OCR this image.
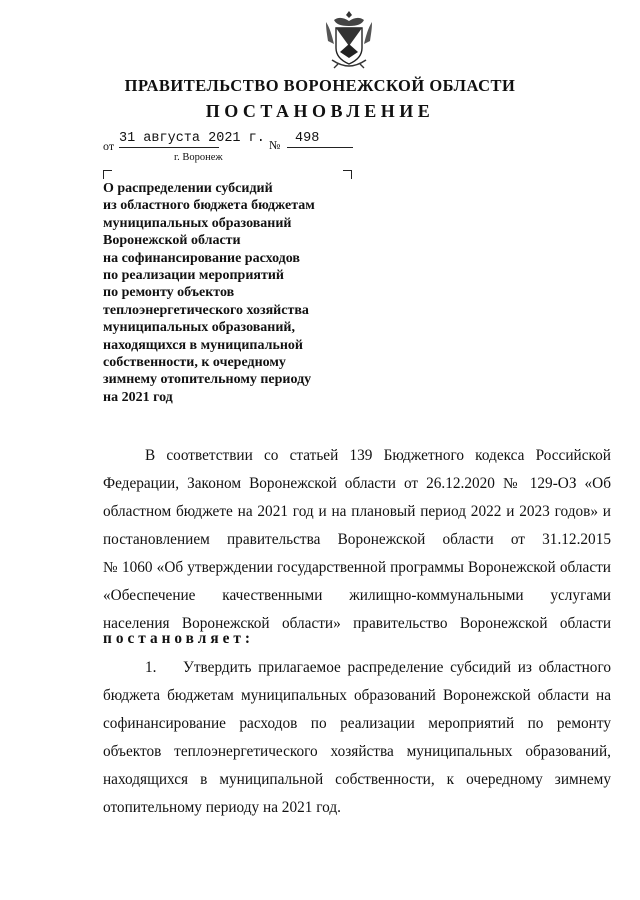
ПРАВИТЕЛЬСТВО ВОРОНЕЖСКОЙ ОБЛАСТИ
ПОСТАНОВЛЕНИЕ
от 31 августа 2021 г. № 498
г. Воронеж
О распределении субсидий
из областного бюджета бюджетам
муниципальных образований
Воронежской области
на софинансирование расходов
по реализации мероприятий
по ремонту объектов
теплоэнергетического хозяйства
муниципальных образований,
находящихся в муниципальной
собственности, к очередному
зимнему отопительному периоду
на 2021 год
В соответствии со статьей 139 Бюджетного кодекса Российской
Федерации, Законом Воронежской области от 26.12.2020 № 129-ОЗ «Об
областном бюджете на 2021 год и на плановый период 2022 и 2023 годов» и
постановлением правительства Воронежской области от 31.12.2015
№ 1060 «Об утверждении государственной программы Воронежской области
«Обеспечение качественными жилищно-коммунальными услугами
населения Воронежской области» правительство Воронежской области
постановляет:
1.	Утвердить прилагаемое распределение субсидий из областного
бюджета бюджетам муниципальных образований Воронежской области на
софинансирование расходов по реализации мероприятий по ремонту
объектов теплоэнергетического хозяйства муниципальных образований,
находящихся в муниципальной собственности, к очередному зимнему
отопительному периоду на 2021 год.
